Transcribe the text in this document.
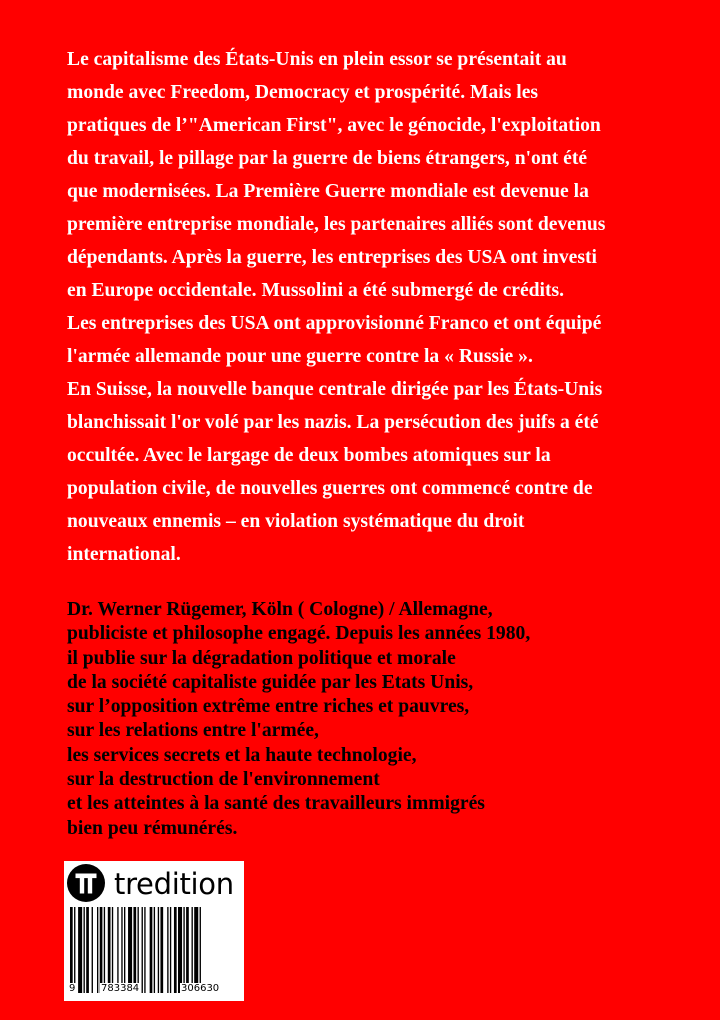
Le capitalisme des États-Unis en plein essor se présentait au
monde avec Freedom, Democracy et prospérité. Mais les
pratiques de l’"American First", avec le génocide, l'exploitation
du travail, le pillage par la guerre de biens étrangers, n'ont été
que modernisées. La Première Guerre mondiale est devenue la
première entreprise mondiale, les partenaires alliés sont devenus
dépendants. Après la guerre, les entreprises des USA ont investi
en Europe occidentale. Mussolini a été submergé de crédits.
Les entreprises des USA ont approvisionné Franco et ont équipé
l'armée allemande pour une guerre contre la « Russie ».
En Suisse, la nouvelle banque centrale dirigée par les États-Unis
blanchissait l'or volé par les nazis. La persécution des juifs a été
occultée. Avec le largage de deux bombes atomiques sur la
population civile, de nouvelles guerres ont commencé contre de
nouveaux ennemis – en violation systématique du droit
international.
Dr. Werner Rügemer, Köln ( Cologne) / Allemagne,
publiciste et philosophe engagé. Depuis les années 1980,
il publie sur la dégradation politique et morale
de la société capitaliste guidée par les Etats Unis,
sur l’opposition extrême entre riches et pauvres,
sur les relations entre l'armée,
les services secrets et la haute technologie,
sur la destruction de l'environnement
et les atteintes à la santé des travailleurs immigrés
bien peu rémunérés.
tredition
9	783384	306630
